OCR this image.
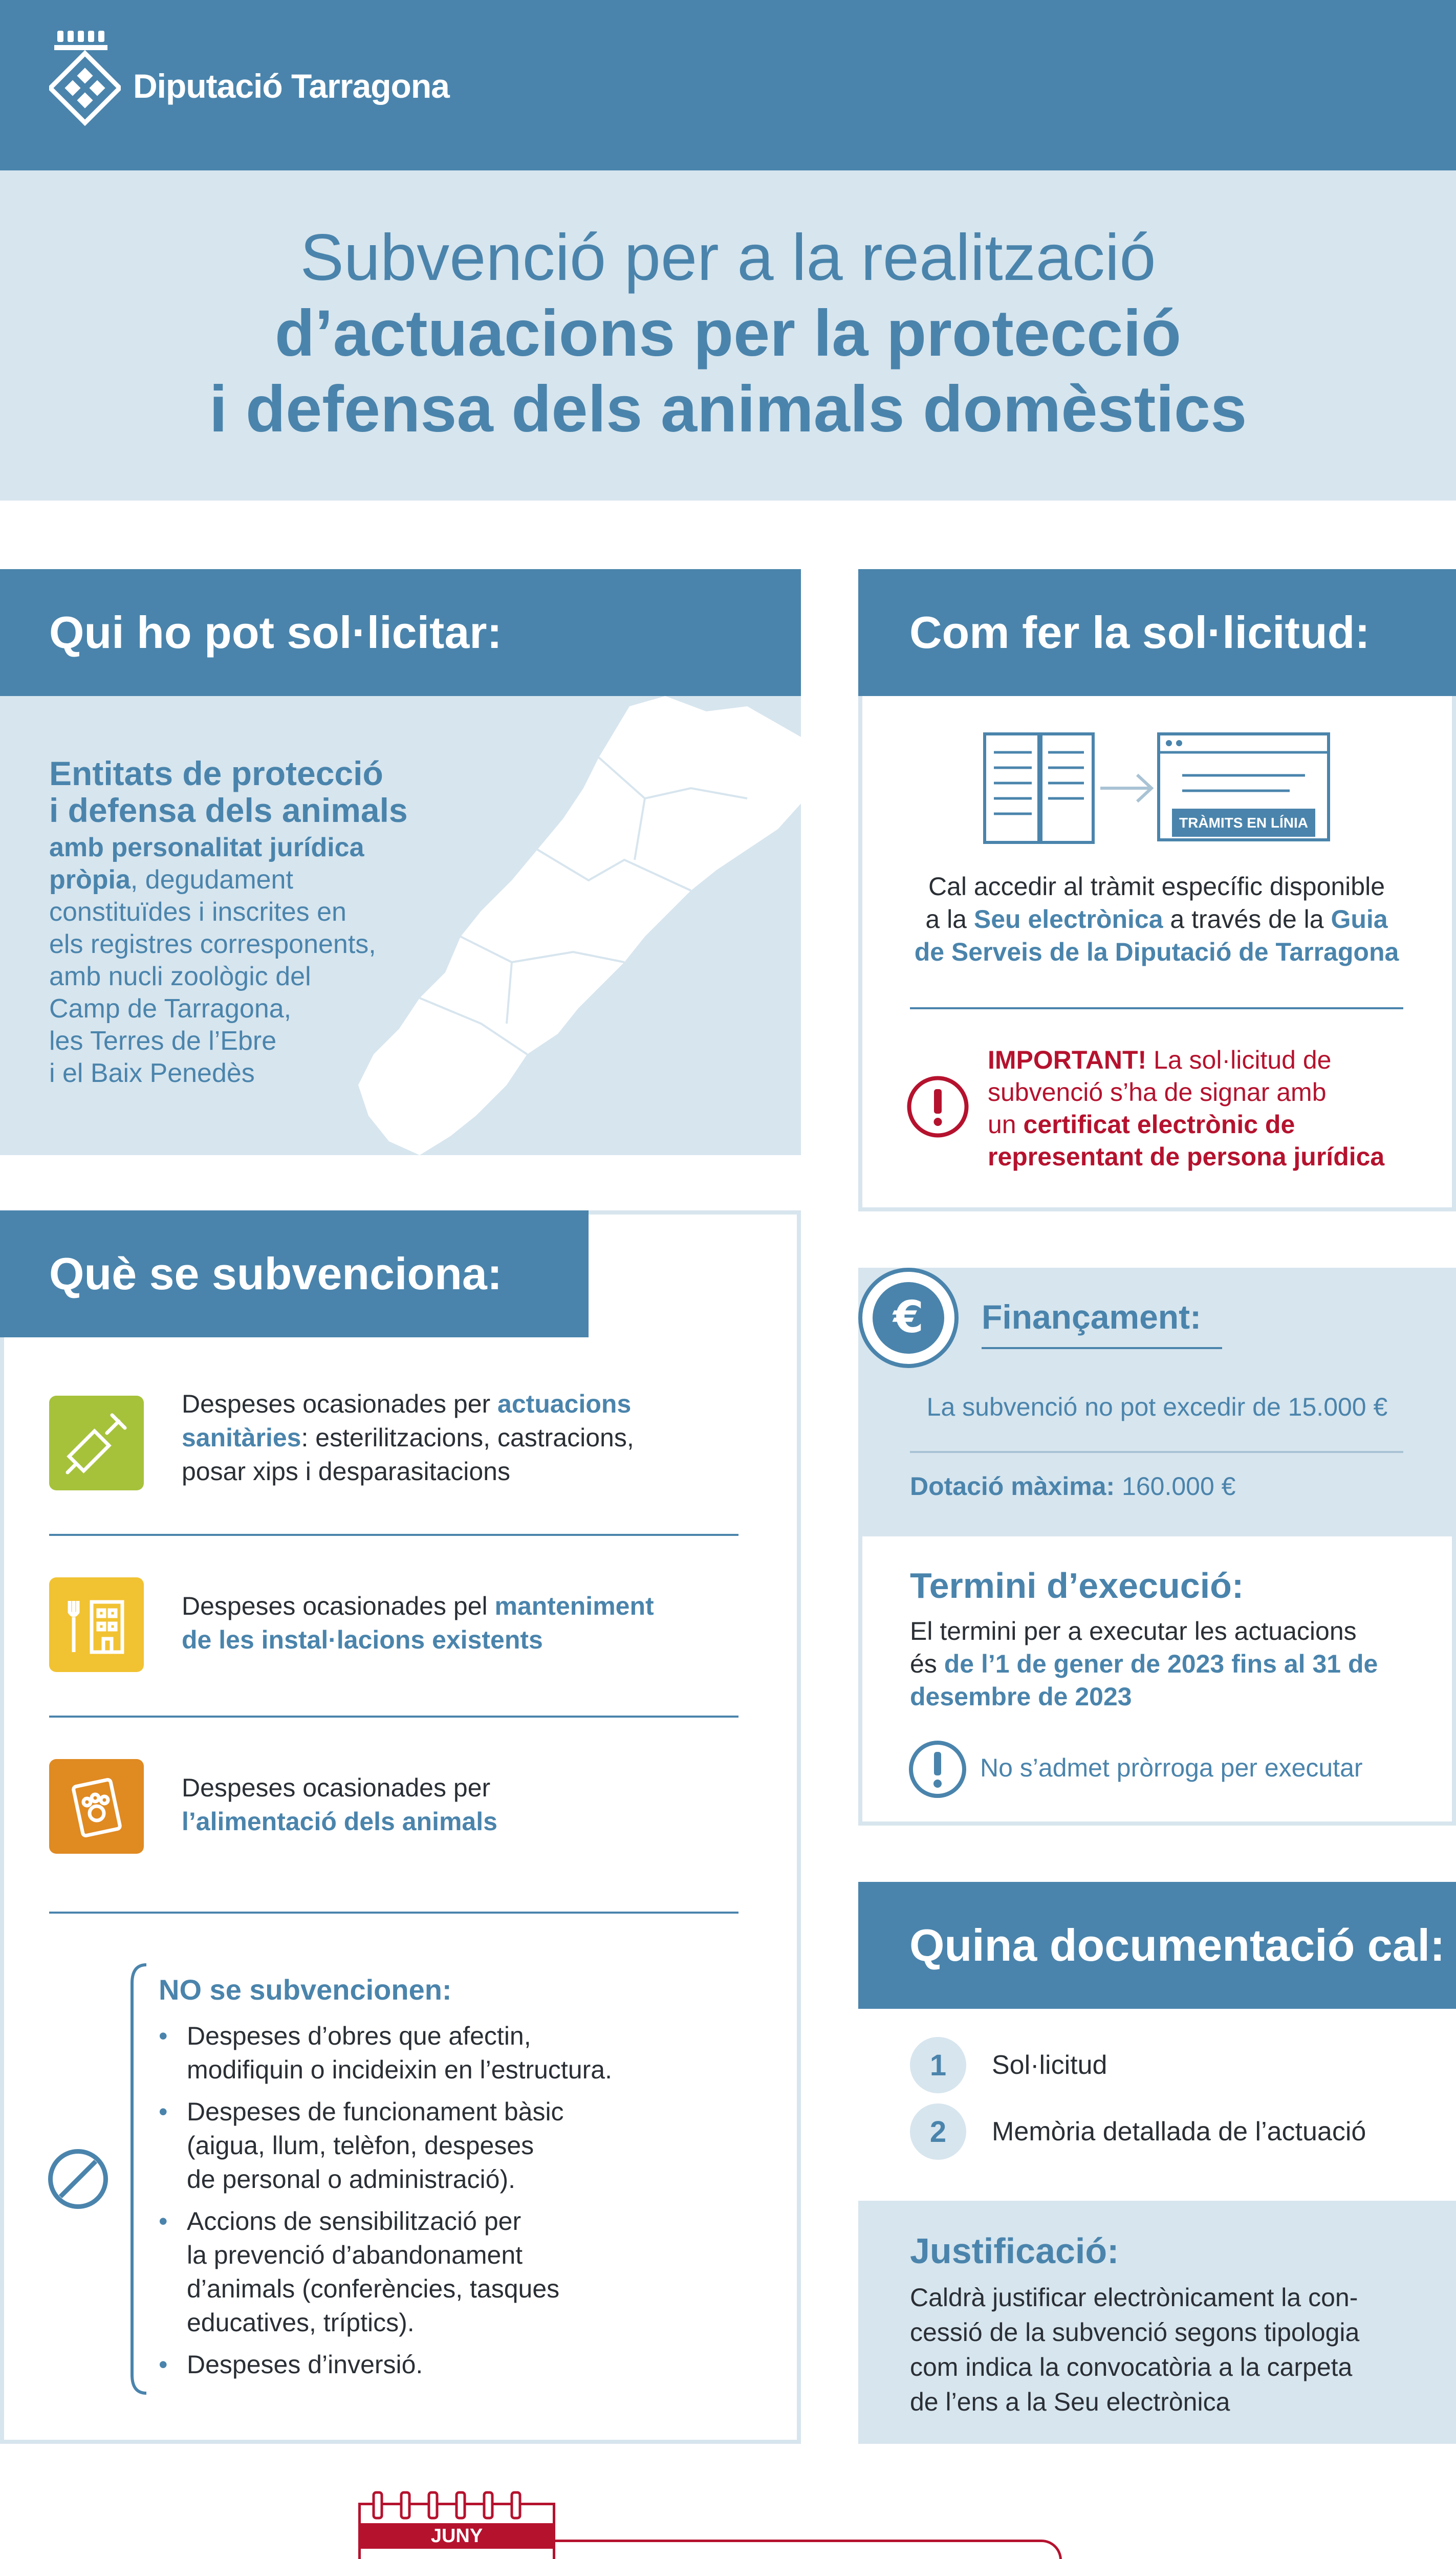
Diputació Tarragona
Subvenció per a la realització
d’actuacions per la protecció
i defensa dels animals domèstics
Qui ho pot sol·licitar:
Entitats de protecció
i defensa dels animals
amb personalitat jurídica
pròpia, degudament
constituïdes i inscrites en
els registres corresponents,
amb nucli zoològic del
Camp de Tarragona,
les Terres de l’Ebre
i el Baix Penedès
Com fer la sol·licitud:
TRÀMITS EN LÍNIA
Cal accedir al tràmit específic disponible
a la Seu electrònica a través de la Guia
de Serveis de la Diputació de Tarragona
IMPORTANT! La sol·licitud de
subvenció s’ha de signar amb
un certificat electrònic de
representant de persona jurídica
Què se subvenciona:
Despeses ocasionades per actuacions
sanitàries: esterilitzacions, castracions,
posar xips i desparasitacions
Despeses ocasionades pel manteniment
de les instal·lacions existents
Despeses ocasionades per
l’alimentació dels animals
NO se subvencionen:
• Despeses d’obres que afectin,
modifiquin o incideixin en l’estructura.
• Despeses de funcionament bàsic
(aigua, llum, telèfon, despeses
de personal o administració).
• Accions de sensibilització per
la prevenció d’abandonament
d’animals (conferències, tasques
educatives, tríptics).
• Despeses d’inversió.
€ Finançament:
La subvenció no pot excedir de 15.000 €
Dotació màxima: 160.000 €
Termini d’execució:
El termini per a executar les actuacions
és de l’1 de gener de 2023 fins al 31 de
desembre de 2023
No s’admet pròrroga per executar
Quina documentació cal:
1	Sol·licitud
2	Memòria detallada de l’actuació
Justificació:
Caldrà justificar electrònicament la con-
cessió de la subvenció segons tipologia
com indica la convocatòria a la carpeta
de l’ens a la Seu electrònica
JUNY
